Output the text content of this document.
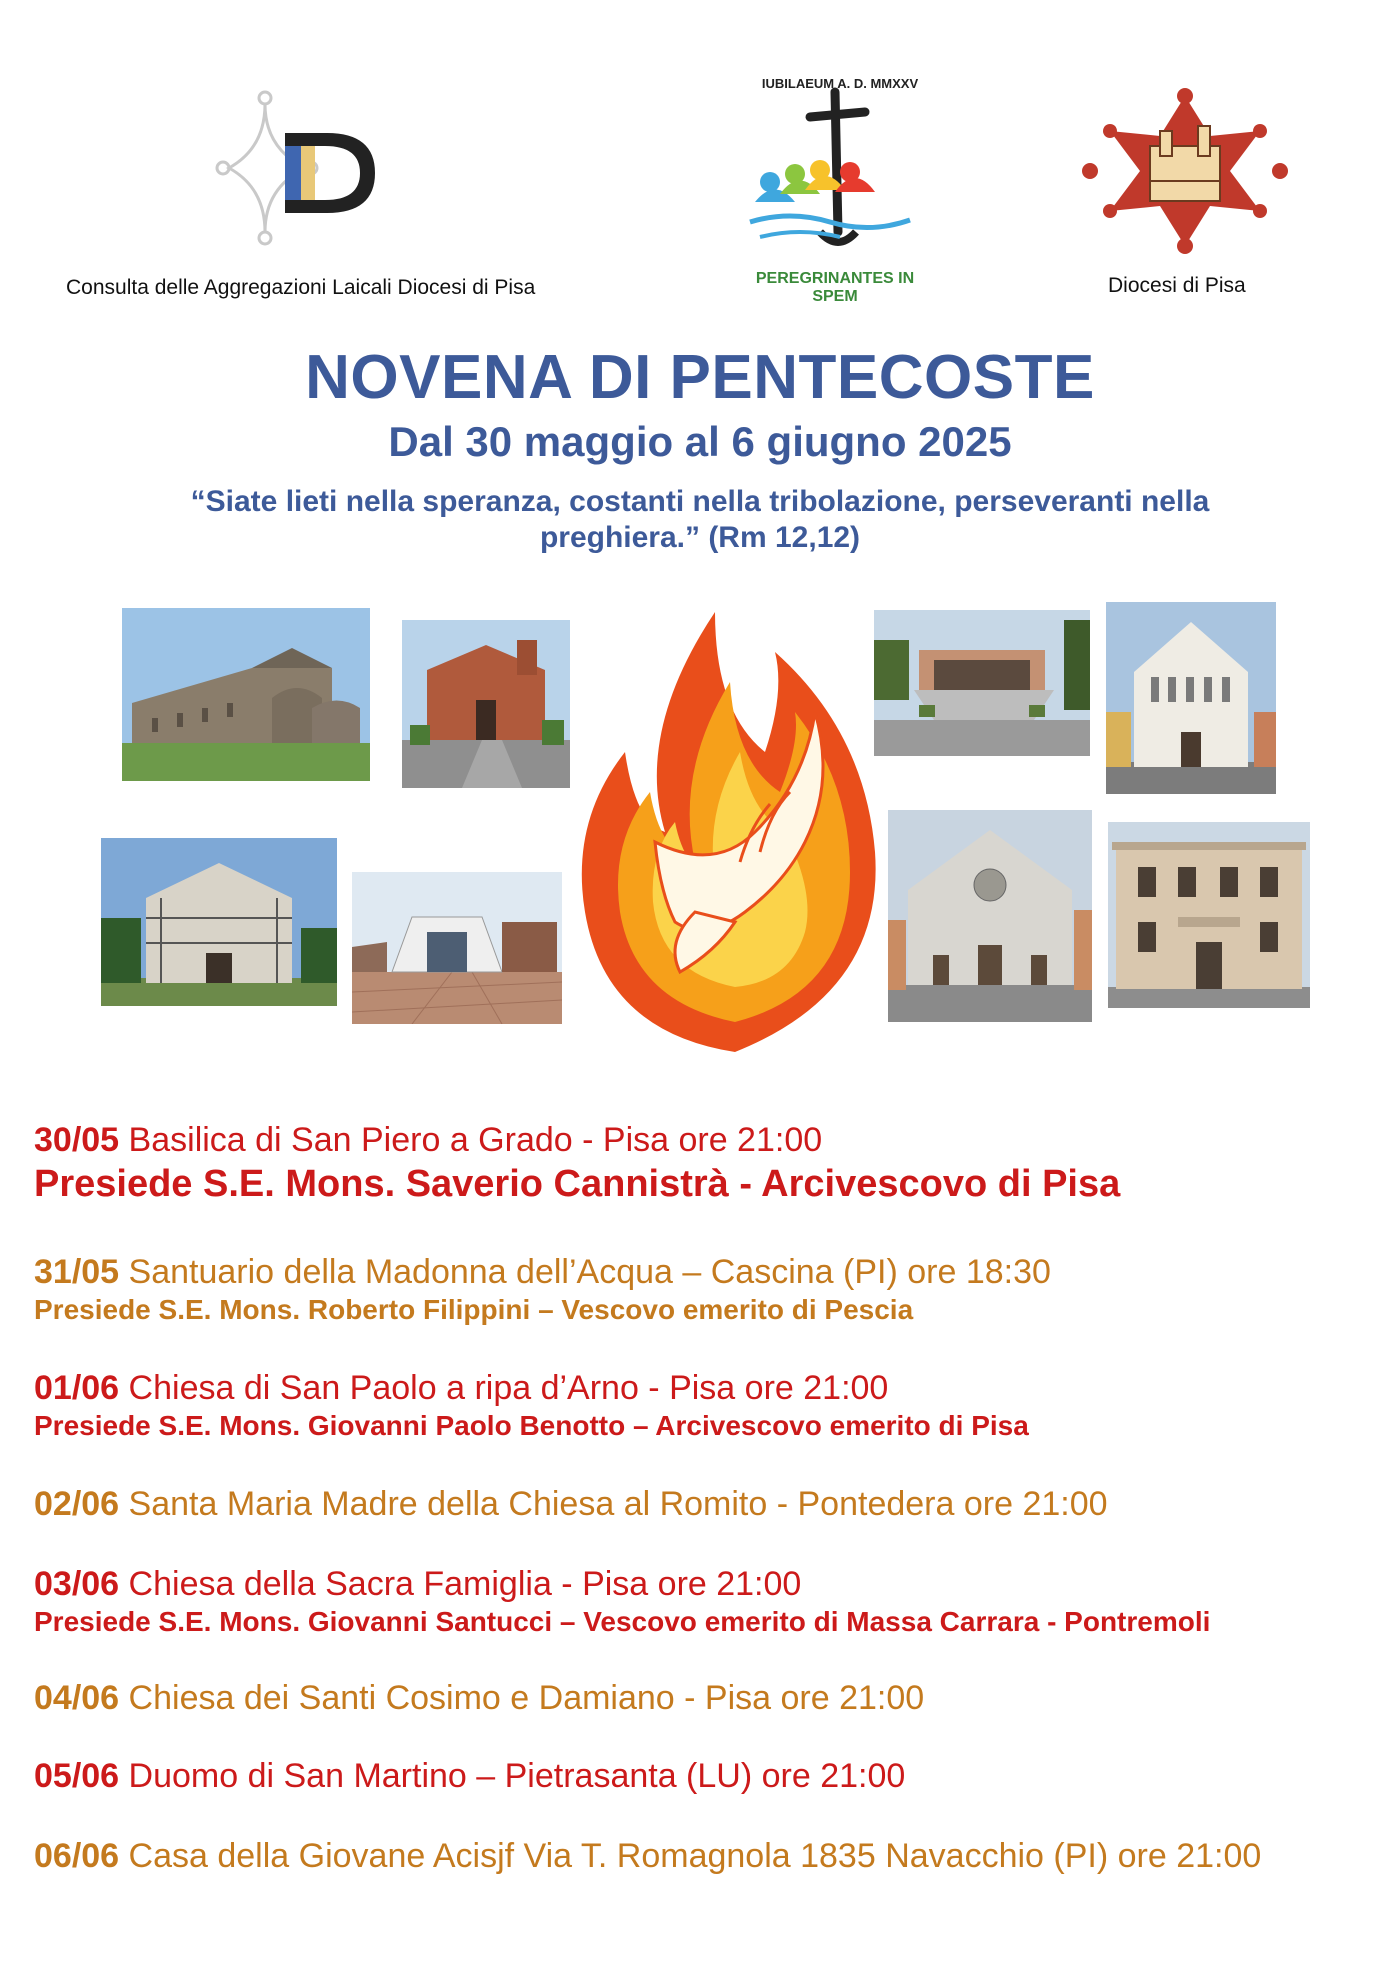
Consulta delle Aggregazioni Laicali Diocesi di Pisa
IUBILAEUM A. D. MMXXV
PEREGRINANTES IN SPEM	Diocesi di Pisa
NOVENA DI PENTECOSTE
Dal 30 maggio al 6 giugno 2025
“Siate lieti nella speranza, costanti nella tribolazione, perseveranti nella preghiera.” (Rm 12,12)
30/05 Basilica di San Piero a Grado - Pisa ore 21:00
Presiede S.E. Mons. Saverio Cannistrà - Arcivescovo di Pisa
31/05 Santuario della Madonna dell’Acqua – Cascina (PI) ore 18:30
Presiede S.E. Mons. Roberto Filippini – Vescovo emerito di Pescia
01/06 Chiesa di San Paolo a ripa d’Arno - Pisa ore 21:00
Presiede S.E. Mons. Giovanni Paolo Benotto – Arcivescovo emerito di Pisa
02/06 Santa Maria Madre della Chiesa al Romito - Pontedera ore 21:00
03/06 Chiesa della Sacra Famiglia - Pisa ore 21:00
Presiede S.E. Mons. Giovanni Santucci – Vescovo emerito di Massa Carrara - Pontremoli
04/06 Chiesa dei Santi Cosimo e Damiano - Pisa ore 21:00
05/06 Duomo di San Martino – Pietrasanta (LU) ore 21:00
06/06 Casa della Giovane Acisjf Via T. Romagnola 1835 Navacchio (PI) ore 21:00
